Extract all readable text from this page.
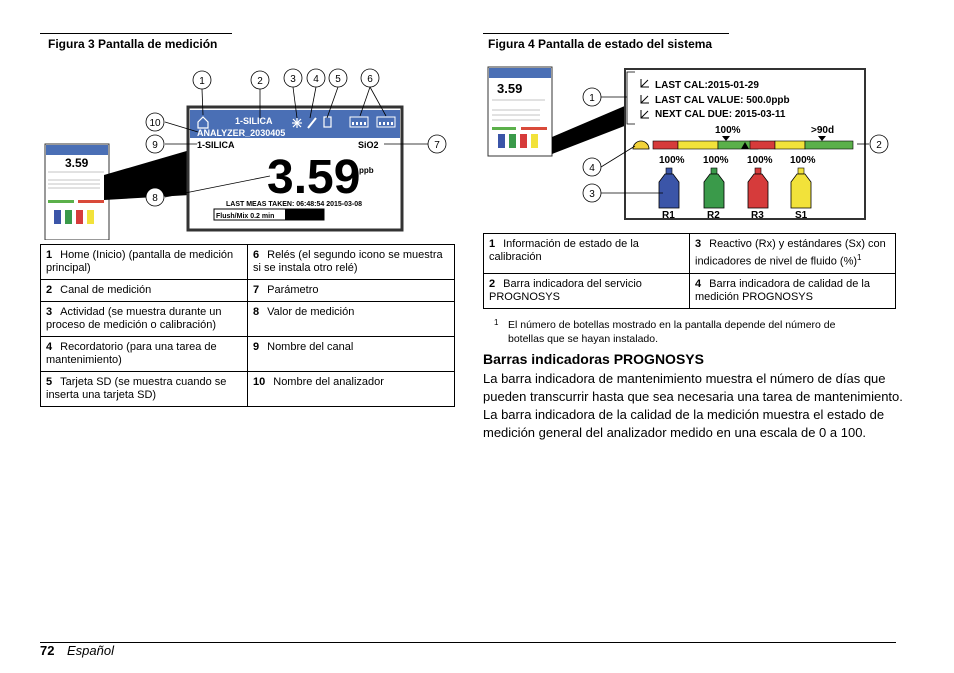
Figura 3 Pantalla de medición	Figura 4 Pantalla de estado del sistema
3.59
1-SILICA
ANALYZER_2030405
1-SILICA	SiO2
3.59
ppb
LAST MEAS TAKEN: 06:48:54 2015-03-08
Flush/Mix 0.2 min
1	2	3 4 5	6
7
8
9
10
1 Home (Inicio) (pantalla de medición principal)	6 Relés (el segundo icono se muestra si se instala otro relé)
2 Canal de medición	7 Parámetro
3 Actividad (se muestra durante un proceso de medición o calibración)	8 Valor de medición
4 Recordatorio (para una tarea de mantenimiento)	9 Nombre del canal
5 Tarjeta SD (se muestra cuando se inserta una tarjeta SD)	10 Nombre del analizador
3.59	LAST CAL:2015-01-29
LAST CAL VALUE: 500.0ppb
NEXT CAL DUE: 2015-03-11
100%	>90d
100%
R1
100%
R2
100%
R3
100%
S1
1
2
3
4
1 Información de estado de la calibración	3 Reactivo (Rx) y estándares (Sx) con indicadores de nivel de fluido (%)$^1$
2 Barra indicadora del servicio PROGNOSYS	4 Barra indicadora de calidad de la medición PROGNOSYS
1 El número de botellas mostrado en la pantalla depende del número de botellas que se hayan instalado.
Barras indicadoras PROGNOSYS
La barra indicadora de mantenimiento muestra el número de días que pueden transcurrir hasta que sea necesaria una tarea de mantenimiento. La barra indicadora de la calidad de la medición muestra el estado de medición general del analizador medido en una escala de 0 a 100.
72 Español
